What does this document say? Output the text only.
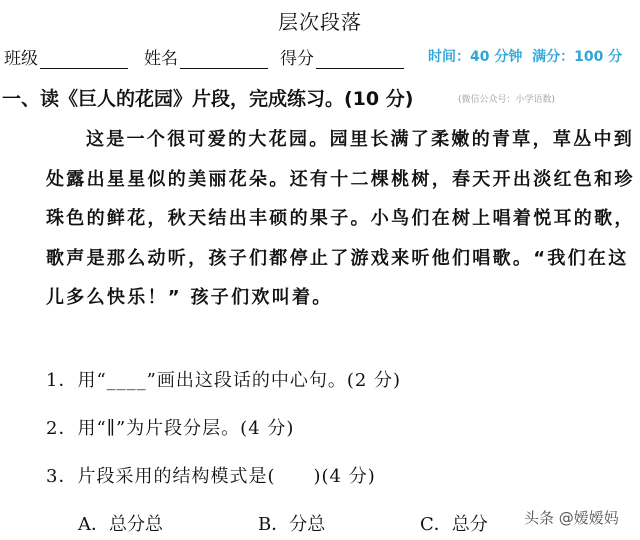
层次段落
班级	姓名	得分	时间：40 分钟 满分：100 分
一、读《巨人的花园》片段，完成练习。(10 分)	(微信公众号：小学语数)

这是一个很可爱的大花园。园里长满了柔嫩的青草，草丛中到处露出星星似的美丽花朵。还有十二棵桃树，春天开出淡红色和珍珠色的鲜花，秋天结出丰硕的果子。小鸟们在树上唱着悦耳的歌，歌声是那么动听，孩子们都停止了游戏来听他们唱歌。“我们在这儿多么快乐！” 孩子们欢叫着。

1．用“____”画出这段话的中心句。(2 分)
2．用“∥”为片段分层。(4 分)
3．片段采用的结构模式是(　　)(4 分)
A．总分总	B．分总	C．总分 头条 @嫒嫒妈
